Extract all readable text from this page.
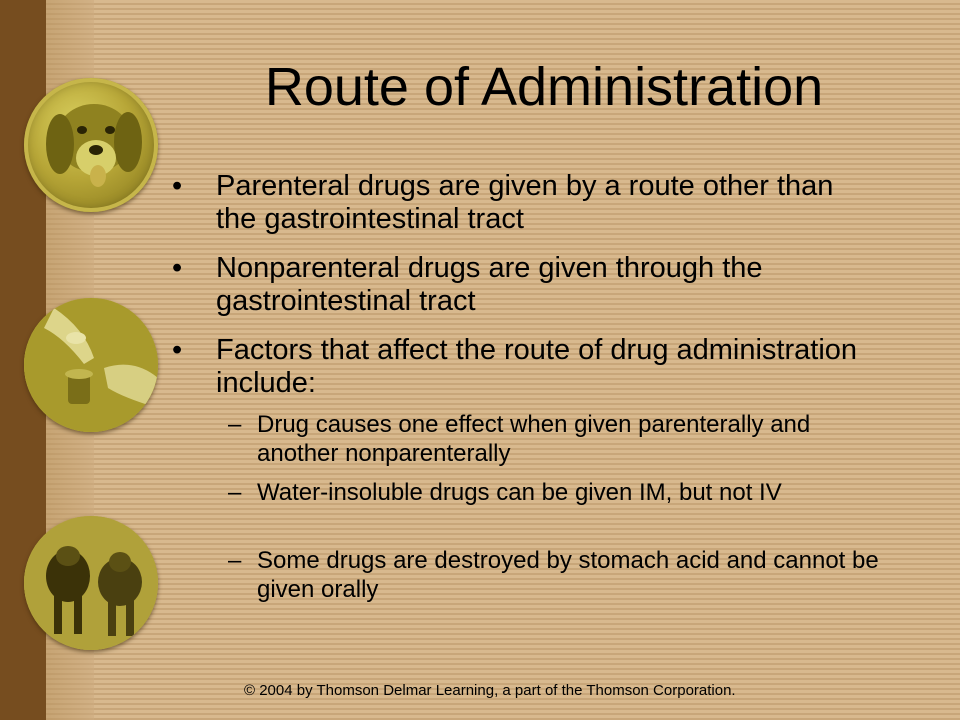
Route of Administration
• Parenteral drugs are given by a route other than the gastrointestinal tract
• Nonparenteral drugs are given through the gastrointestinal tract
• Factors that affect the route of drug administration include:
– Drug causes one effect when given parenterally and another nonparenterally
– Water-insoluble drugs can be given IM, but not IV
– Some drugs are destroyed by stomach acid and cannot be given orally
© 2004 by Thomson Delmar Learning, a part of the Thomson Corporation.
